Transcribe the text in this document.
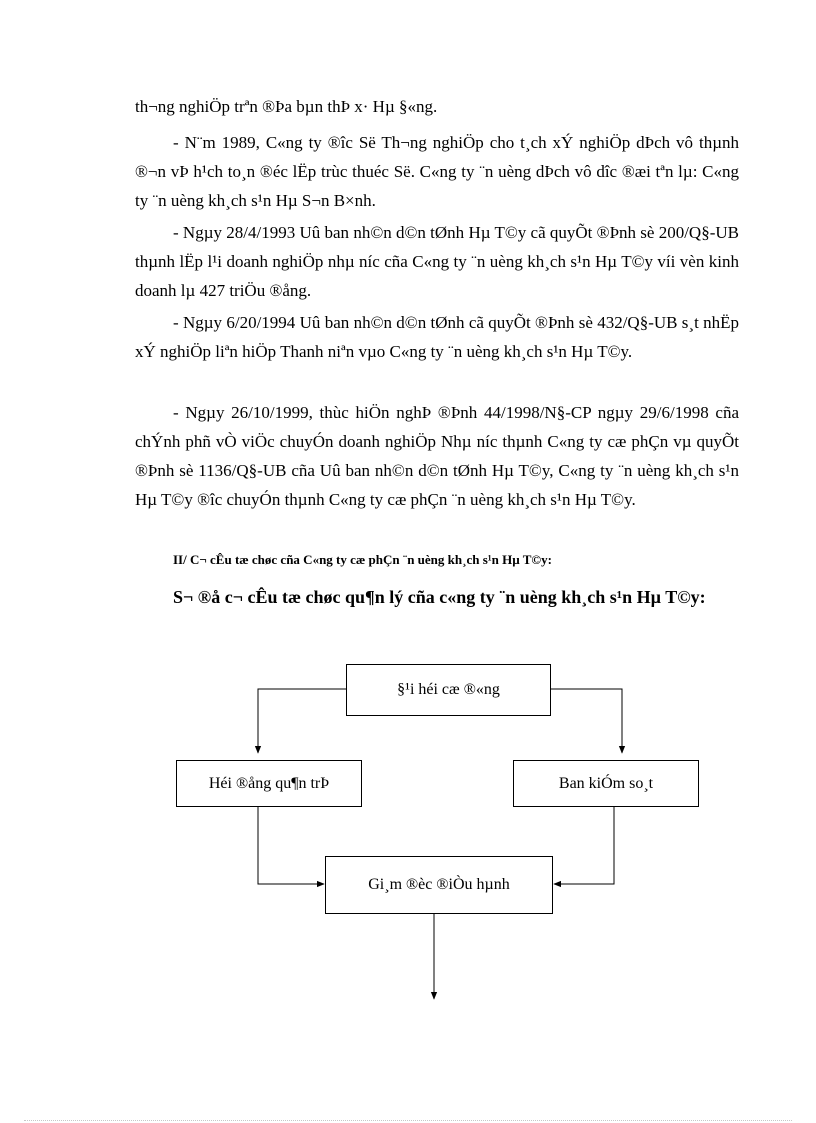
th¬ng nghiÖp trªn ®Þa bµn thÞ x· Hµ §«ng.

- N¨m 1989, C«ng ty ®îc Së Th¬ng nghiÖp cho t¸ch xÝ nghiÖp dÞch vô thµnh ®¬n vÞ h¹ch to¸n ®éc lËp trùc thuéc Së. C«ng ty ¨n uèng dÞch vô dîc ®æi tªn lµ: C«ng ty ¨n uèng kh¸ch s¹n Hµ S¬n B×nh.

- Ngµy 28/4/1993 Uû ban nh©n d©n tØnh Hµ T©y cã quyÕt ®Þnh sè 200/Q§-UB thµnh lËp l¹i doanh nghiÖp nhµ níc cña C«ng ty ¨n uèng kh¸ch s¹n Hµ T©y víi vèn kinh doanh lµ 427 triÖu ®ång.

- Ngµy 6/20/1994 Uû ban nh©n d©n tØnh cã quyÕt ®Þnh sè 432/Q§-UB s¸t nhËp xÝ nghiÖp liªn hiÖp Thanh niªn vµo C«ng ty ¨n uèng kh¸ch s¹n Hµ T©y.

- Ngµy 26/10/1999, thùc hiÖn nghÞ ®Þnh 44/1998/N§-CP ngµy 29/6/1998 cña chÝnh phñ vÒ viÖc chuyÓn doanh nghiÖp Nhµ níc thµnh C«ng ty cæ phÇn vµ quyÕt ®Þnh sè 1136/Q§-UB cña Uû ban nh©n d©n tØnh Hµ T©y, C«ng ty ¨n uèng kh¸ch s¹n Hµ T©y ®îc chuyÓn thµnh C«ng ty cæ phÇn ¨n uèng kh¸ch s¹n Hµ T©y.

II/ C¬ cÊu tæ chøc cña C«ng ty cæ phÇn ¨n uèng kh¸ch s¹n Hµ T©y:

S¬ ®å c¬ cÊu tæ chøc qu¶n lý cña c«ng ty ¨n uèng kh¸ch s¹n Hµ T©y:

§¹i héi cæ ®«ng
Héi ®ång qu¶n trÞ	Ban kiÓm so¸t
Gi¸m ®èc ®iÒu hµnh
